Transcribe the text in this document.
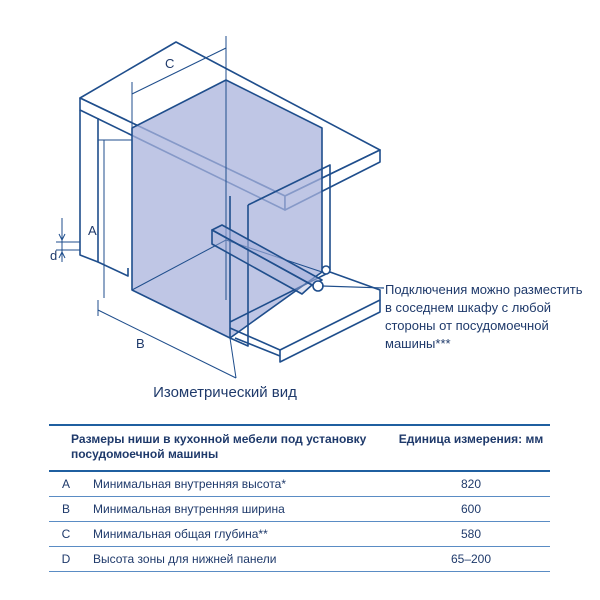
C
A
d
B
Подключения можно разместить в соседнем шкафу с любой стороны от посудомоечной машины***
Изометрический вид
Размеры ниши в кухонной мебели под установку посудомоечной машины		Единица измерения: мм
A	Минимальная внутренняя высота*	820
B	Минимальная внутренняя ширина	600
C	Минимальная общая глубина**	580
D	Высота зоны для нижней панели	65–200
